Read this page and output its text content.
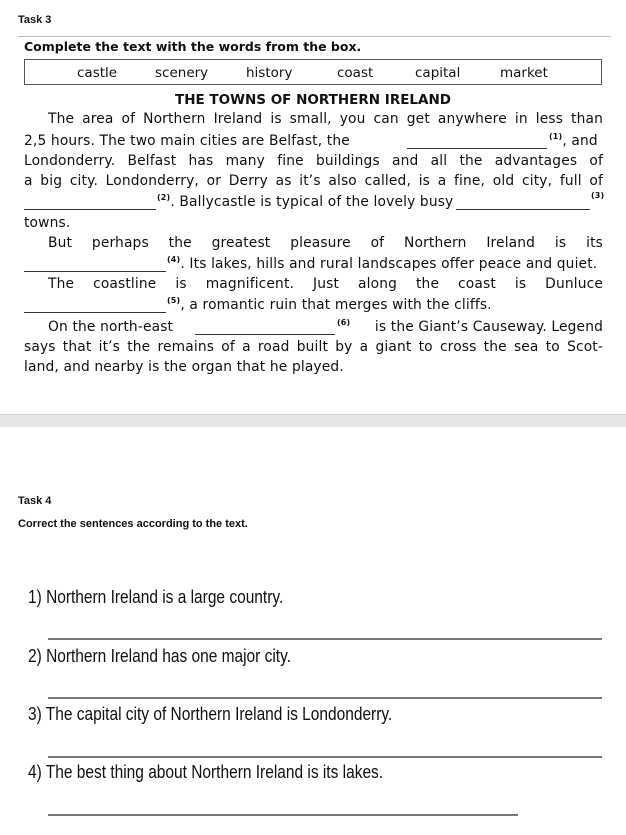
Task 3
Complete the text with the words from the box.
castle	scenery	history	coast	capital	market
THE TOWNS OF NORTHERN IRELAND
The area of Northern Ireland is small, you can get anywhere in less than
2,5 hours. The two main cities are Belfast, the	$^{(1)}$, and
Londonderry. Belfast has many fine buildings and all the advantages of
a big city. Londonderry, or Derry as it’s also called, is a fine, old city, full of
$^{(2)}$. Ballycastle is typical of the lovely busy	$^{(3)}$
towns.
But perhaps the greatest pleasure of Northern Ireland is its
$^{(4)}$. Its lakes, hills and rural landscapes offer peace and quiet.
The coastline is magnificent. Just along the coast is Dunluce
$^{(5)}$, a romantic ruin that merges with the cliffs.
On the north-east	$^{(6)}$ is the Giant’s Causeway. Legend
says that it’s the remains of a road built by a giant to cross the sea to Scot-
land, and nearby is the organ that he played.
Task 4
Correct the sentences according to the text.
1) Northern Ireland is a large country.
2) Northern Ireland has one major city.
3) The capital city of Northern Ireland is Londonderry.
4) The best thing about Northern Ireland is its lakes.
